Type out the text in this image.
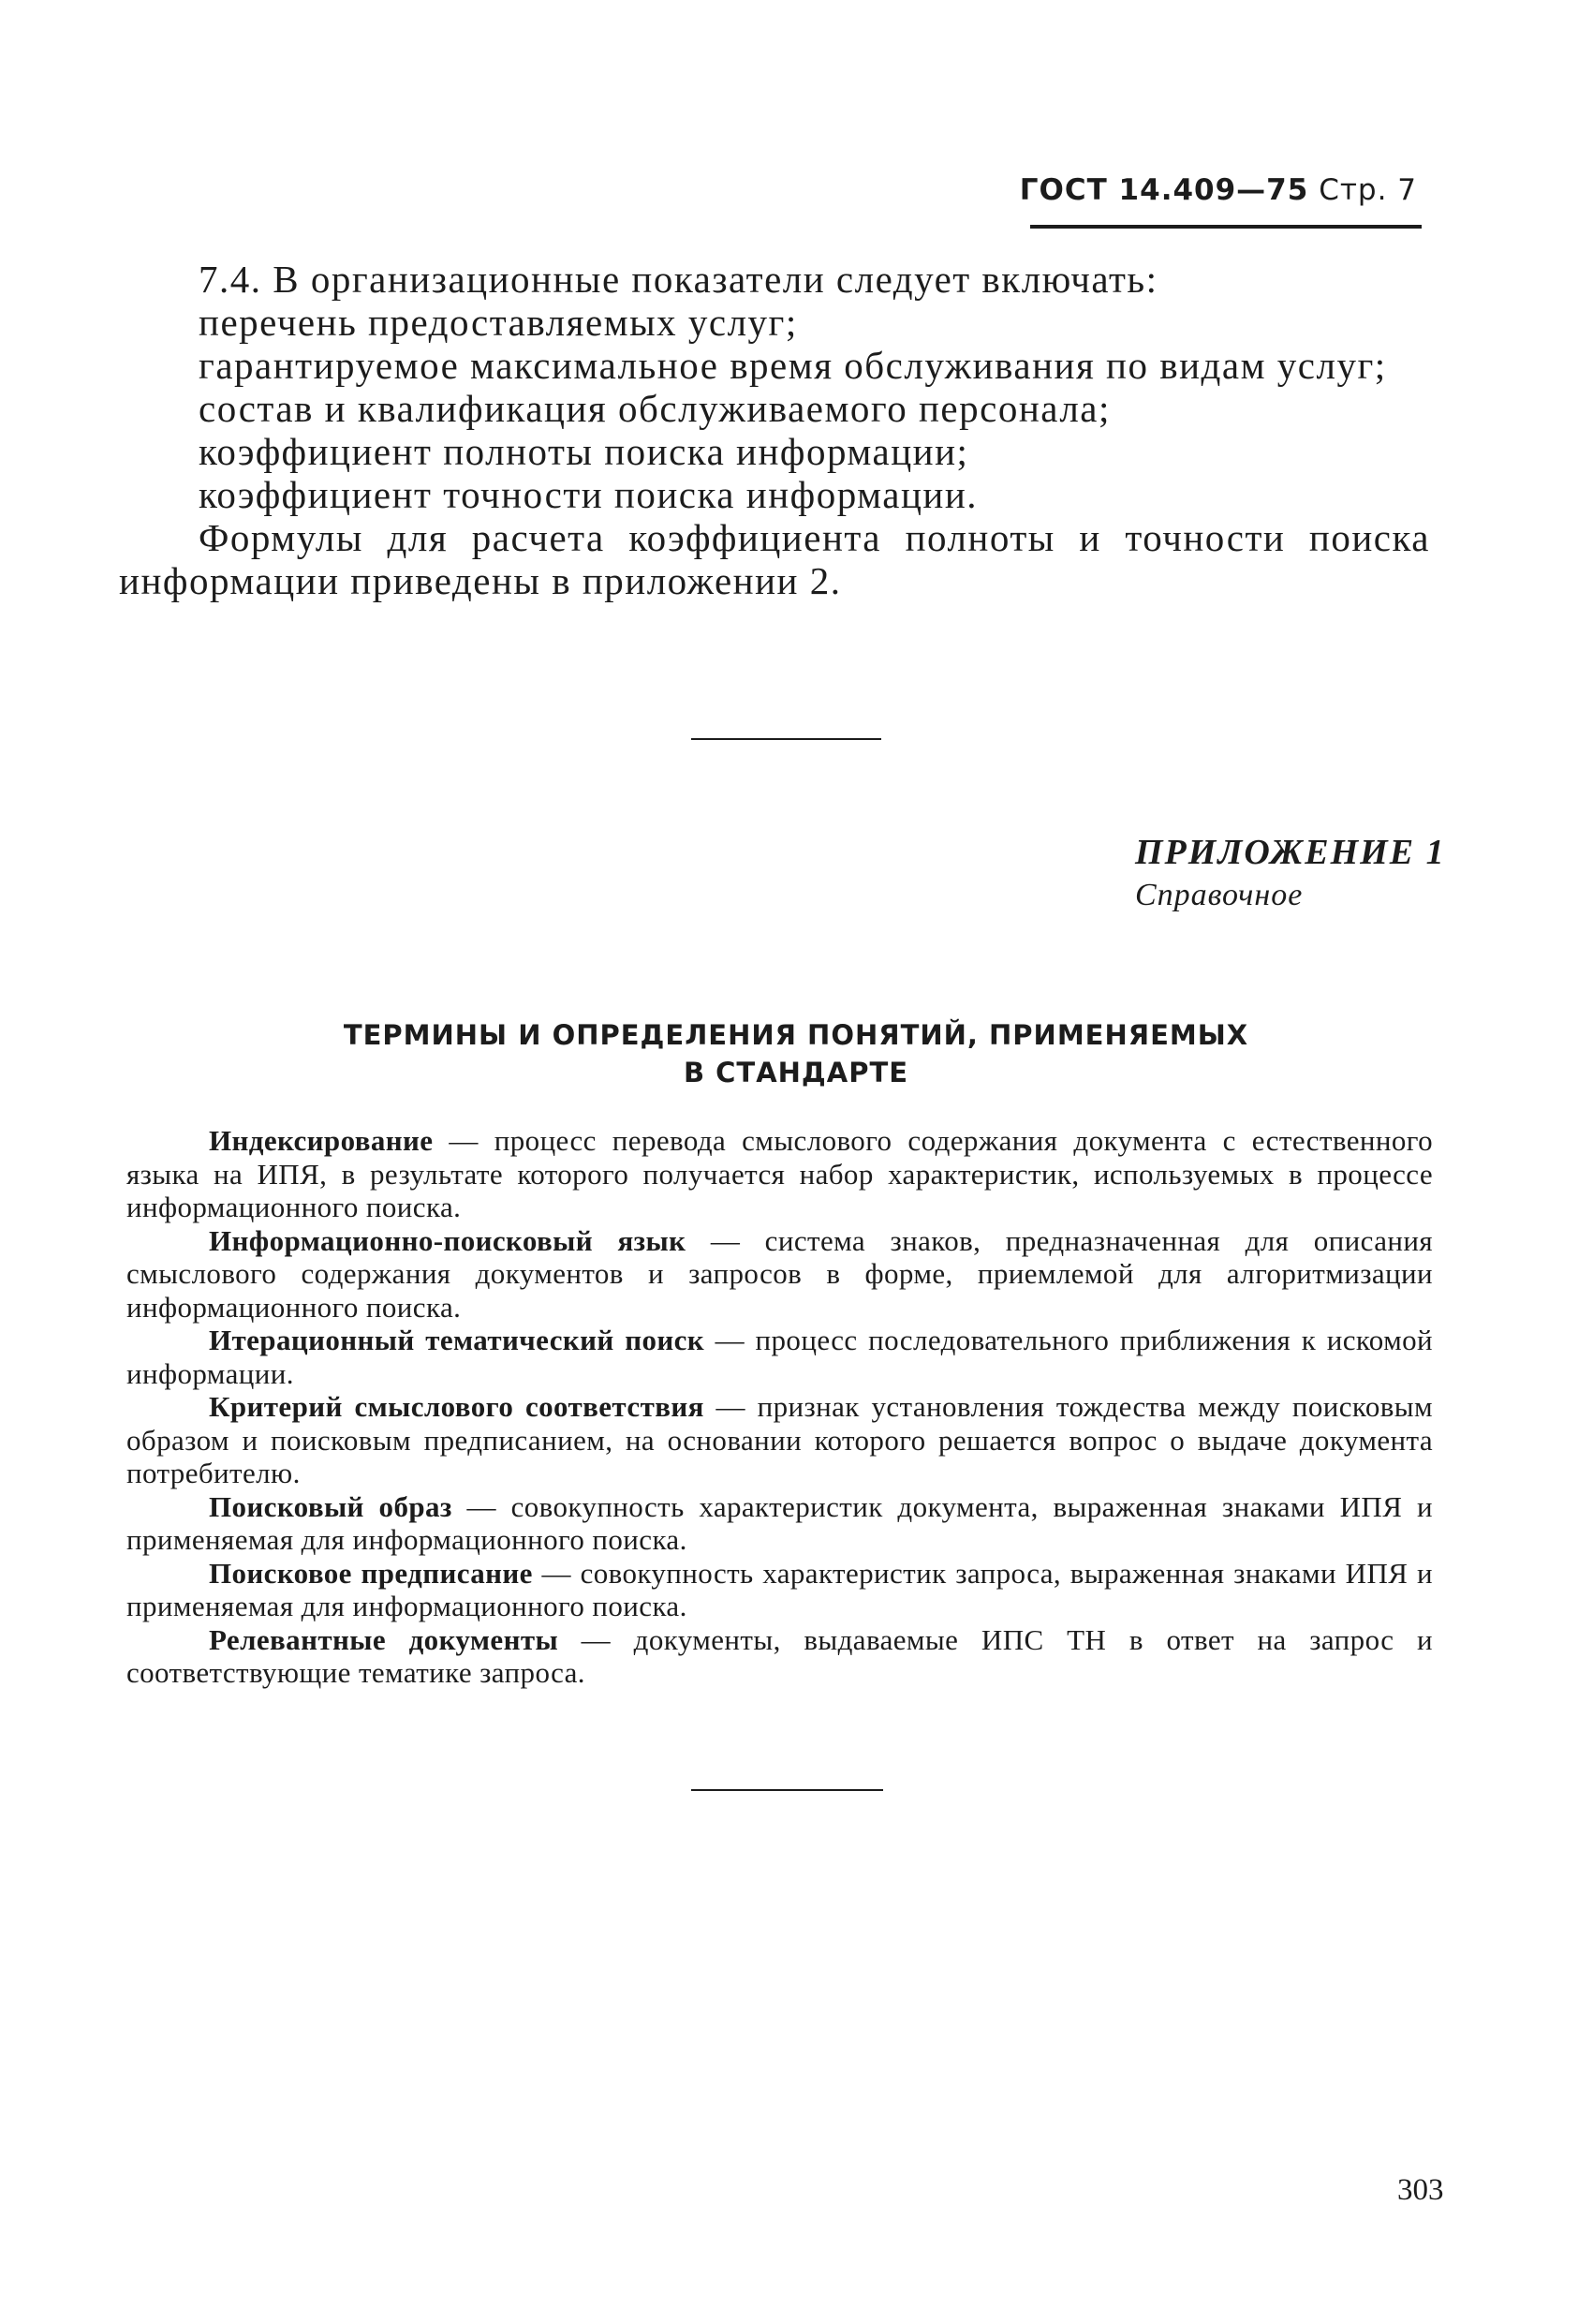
ГОСТ 14.409—75 Стр. 7

7.4. В организационные показатели следует включать:

перечень предоставляемых услуг;

гарантируемое максимальное время обслуживания по видам услуг;

состав и квалификация обслуживаемого персонала;

коэффициент полноты поиска информации;

коэффициент точности поиска информации.

Формулы для расчета коэффициента полноты и точности поиска информации приведены в приложении 2.

ПРИЛОЖЕНИЕ 1
Справочное
ТЕРМИНЫ И ОПРЕДЕЛЕНИЯ ПОНЯТИЙ, ПРИМЕНЯЕМЫХ
В СТАНДАРТЕ

Индексирование — процесс перевода смыслового содержания документа с естественного языка на ИПЯ, в результате которого получается набор характеристик, используемых в процессе информационного поиска.

Информационно-поисковый язык — система знаков, предназначенная для описания смыслового содержания документов и запросов в форме, приемлемой для алгоритмизации информационного поиска.

Итерационный тематический поиск — процесс последовательного приближения к искомой информации.

Критерий смыслового соответствия — признак установления тождества между поисковым образом и поисковым предписанием, на основании которого решается вопрос о выдаче документа потребителю.

Поисковый образ — совокупность характеристик документа, выраженная знаками ИПЯ и применяемая для информационного поиска.

Поисковое предписание — совокупность характеристик запроса, выраженная знаками ИПЯ и применяемая для информационного поиска.

Релевантные документы — документы, выдаваемые ИПС ТН в ответ на запрос и соответствующие тематике запроса.

303
